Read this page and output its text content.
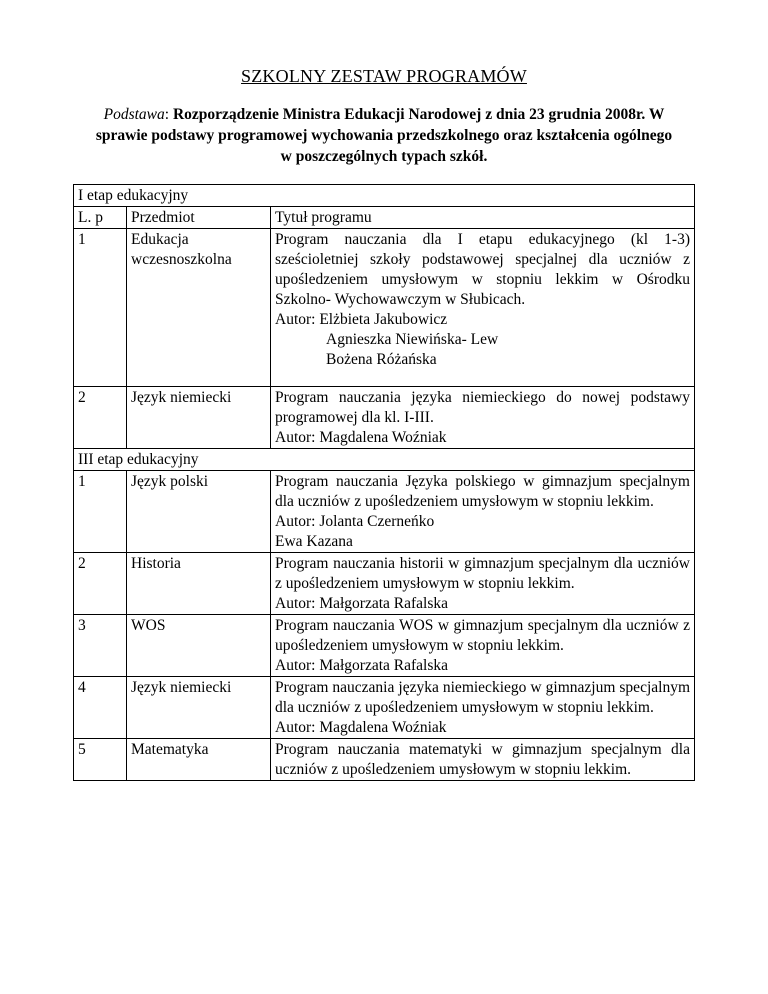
SZKOLNY ZESTAW PROGRAMÓW
Podstawa: Rozporządzenie Ministra Edukacji Narodowej z dnia 23 grudnia 2008r. W sprawie podstawy programowej wychowania przedszkolnego oraz kształcenia ogólnego w poszczególnych typach szkół.
I etap edukacyjny		
L. p	Przedmiot	Tytuł programu
1	Edukacja wczesnoszkolna	Program nauczania dla I etapu edukacyjnego (kl 1-3) sześcioletniej szkoły podstawowej specjalnej dla uczniów z upośledzeniem umysłowym w stopniu lekkim w Ośrodku Szkolno- Wychowawczym w Słubicach.
Autor: Elżbieta Jakubowicz
Agnieszka Niewińska- Lew
Bożena Różańska

2	Język niemiecki	Program nauczania języka niemieckiego do nowej podstawy programowej dla kl. I-III.
Autor: Magdalena Woźniak

III etap edukacyjny		
1	Język polski	Program nauczania Języka polskiego w gimnazjum specjalnym dla uczniów z upośledzeniem umysłowym w stopniu lekkim.
Autor: Jolanta Czerneńko
Ewa Kazana

2	Historia	Program nauczania historii w gimnazjum specjalnym dla uczniów z upośledzeniem umysłowym w stopniu lekkim.
Autor: Małgorzata Rafalska

3	WOS	Program nauczania WOS w gimnazjum specjalnym dla uczniów z upośledzeniem umysłowym w stopniu lekkim.
Autor: Małgorzata Rafalska

4	Język niemiecki	Program nauczania języka niemieckiego w gimnazjum specjalnym dla uczniów z upośledzeniem umysłowym w stopniu lekkim.
Autor: Magdalena Woźniak

5	Matematyka	Program nauczania matematyki w gimnazjum specjalnym dla uczniów z upośledzeniem umysłowym w stopniu lekkim.
